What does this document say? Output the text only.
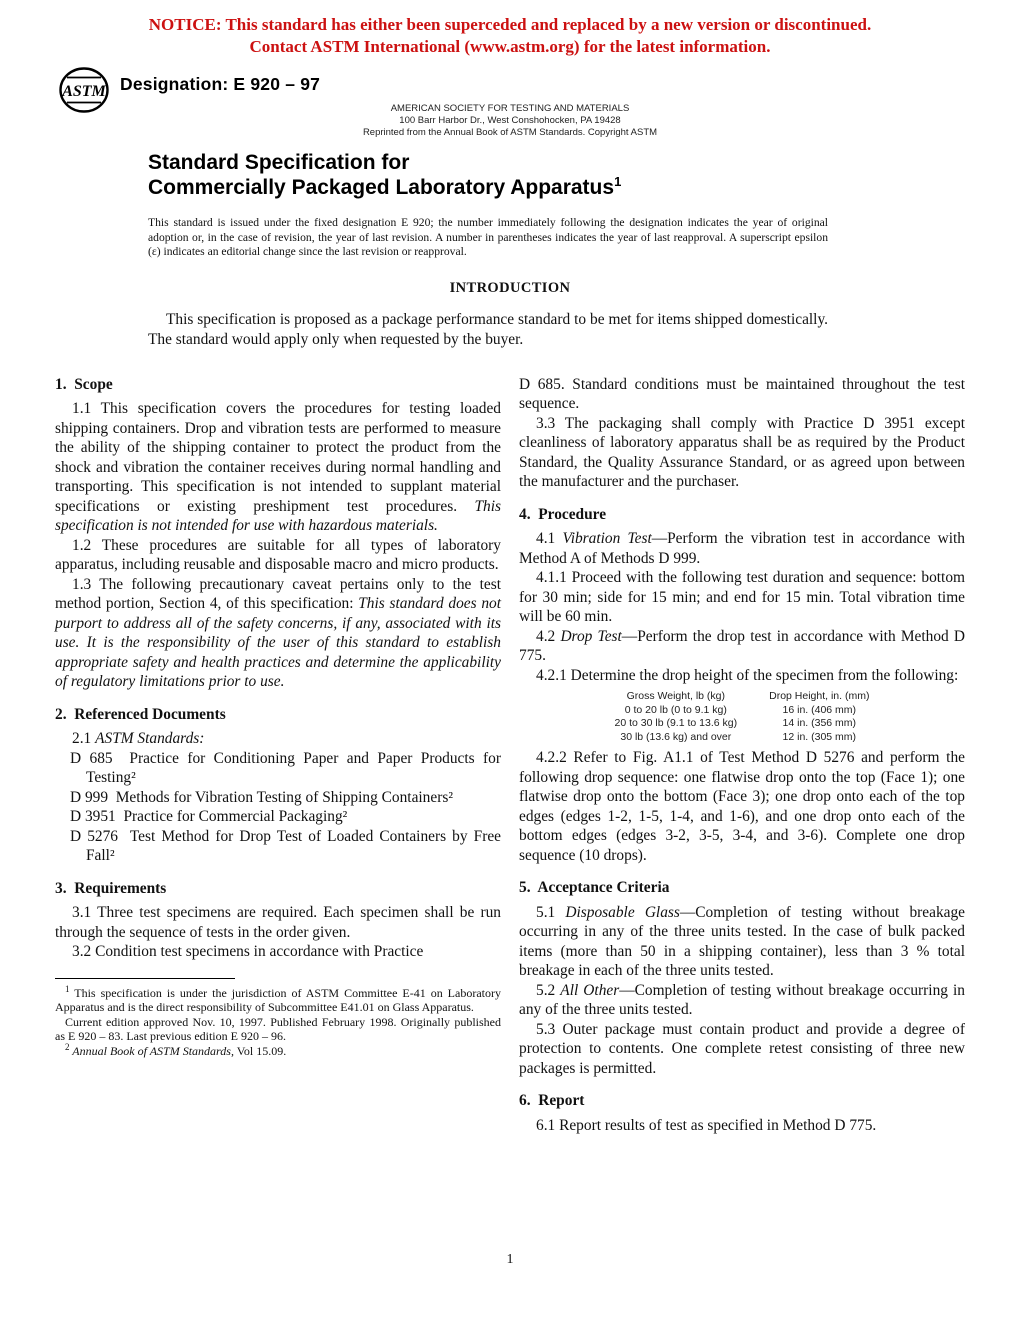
NOTICE: This standard has either been superceded and replaced by a new version or discontinued.
Contact ASTM International (www.astm.org) for the latest information.
ASTM Designation: E 920 – 97
AMERICAN SOCIETY FOR TESTING AND MATERIALS
100 Barr Harbor Dr., West Conshohocken, PA 19428
Reprinted from the Annual Book of ASTM Standards. Copyright ASTM
Standard Specification for
Commercially Packaged Laboratory Apparatus$^1$

This standard is issued under the fixed designation E 920; the number immediately following the designation indicates the year of original adoption or, in the case of revision, the year of last revision. A number in parentheses indicates the year of last reapproval. A superscript epsilon (ε) indicates an editorial change since the last revision or reapproval.

INTRODUCTION

This specification is proposed as a package performance standard to be met for items shipped domestically. The standard would apply only when requested by the buyer.

1.  Scope

1.1 This specification covers the procedures for testing loaded shipping containers. Drop and vibration tests are performed to measure the ability of the shipping container to protect the product from the shock and vibration the container receives during normal handling and transporting. This specification is not intended to supplant material specifications or existing preshipment test procedures. This specification is not intended for use with hazardous materials.

1.2 These procedures are suitable for all types of laboratory apparatus, including reusable and disposable macro and micro products.

1.3 The following precautionary caveat pertains only to the test method portion, Section 4, of this specification: This standard does not purport to address all of the safety concerns, if any, associated with its use. It is the responsibility of the user of this standard to establish appropriate safety and health practices and determine the applicability of regulatory limitations prior to use.

2.  Referenced Documents

2.1 ASTM Standards:

D 685  Practice for Conditioning Paper and Paper Products for Testing²

D 999  Methods for Vibration Testing of Shipping Containers²

D 3951  Practice for Commercial Packaging²

D 5276  Test Method for Drop Test of Loaded Containers by Free Fall²

3.  Requirements

3.1 Three test specimens are required. Each specimen shall be run through the sequence of tests in the order given.

3.2 Condition test specimens in accordance with Practice

$^1$ This specification is under the jurisdiction of ASTM Committee E-41 on Laboratory Apparatus and is the direct responsibility of Subcommittee E41.01 on Glass Apparatus.

Current edition approved Nov. 10, 1997. Published February 1998. Originally published as E 920 – 83. Last previous edition E 920 – 96.

$^2$ Annual Book of ASTM Standards, Vol 15.09.

D 685. Standard conditions must be maintained throughout the test sequence.

3.3 The packaging shall comply with Practice D 3951 except cleanliness of laboratory apparatus shall be as required by the Product Standard, the Quality Assurance Standard, or as agreed upon between the manufacturer and the purchaser.

4.  Procedure

4.1 Vibration Test—Perform the vibration test in accordance with Method A of Methods D 999.

4.1.1 Proceed with the following test duration and sequence: bottom for 30 min; side for 15 min; and end for 15 min. Total vibration time will be 60 min.

4.2 Drop Test—Perform the drop test in accordance with Method D 775.

4.2.1 Determine the drop height of the specimen from the following:

Gross Weight, lb (kg)	Drop Height, in. (mm)
0 to 20 lb (0 to 9.1 kg)	16 in. (406 mm)
20 to 30 lb (9.1 to 13.6 kg)	14 in. (356 mm)
30 lb (13.6 kg) and over	12 in. (305 mm)

4.2.2 Refer to Fig. A1.1 of Test Method D 5276 and perform the following drop sequence: one flatwise drop onto the top (Face 1); one flatwise drop onto the bottom (Face 3); one drop onto each of the top edges (edges 1-2, 1-5, 1-4, and 1-6), and one drop onto each of the bottom edges (edges 3-2, 3-5, 3-4, and 3-6). Complete one drop sequence (10 drops).

5.  Acceptance Criteria

5.1 Disposable Glass—Completion of testing without breakage occurring in any of the three units tested. In the case of bulk packed items (more than 50 in a shipping container), less than 3 % total breakage in each of the three units tested.

5.2 All Other—Completion of testing without breakage occurring in any of the three units tested.

5.3 Outer package must contain product and provide a degree of protection to contents. One complete retest consisting of three new packages is permitted.

6.  Report

6.1 Report results of test as specified in Method D 775.

1
